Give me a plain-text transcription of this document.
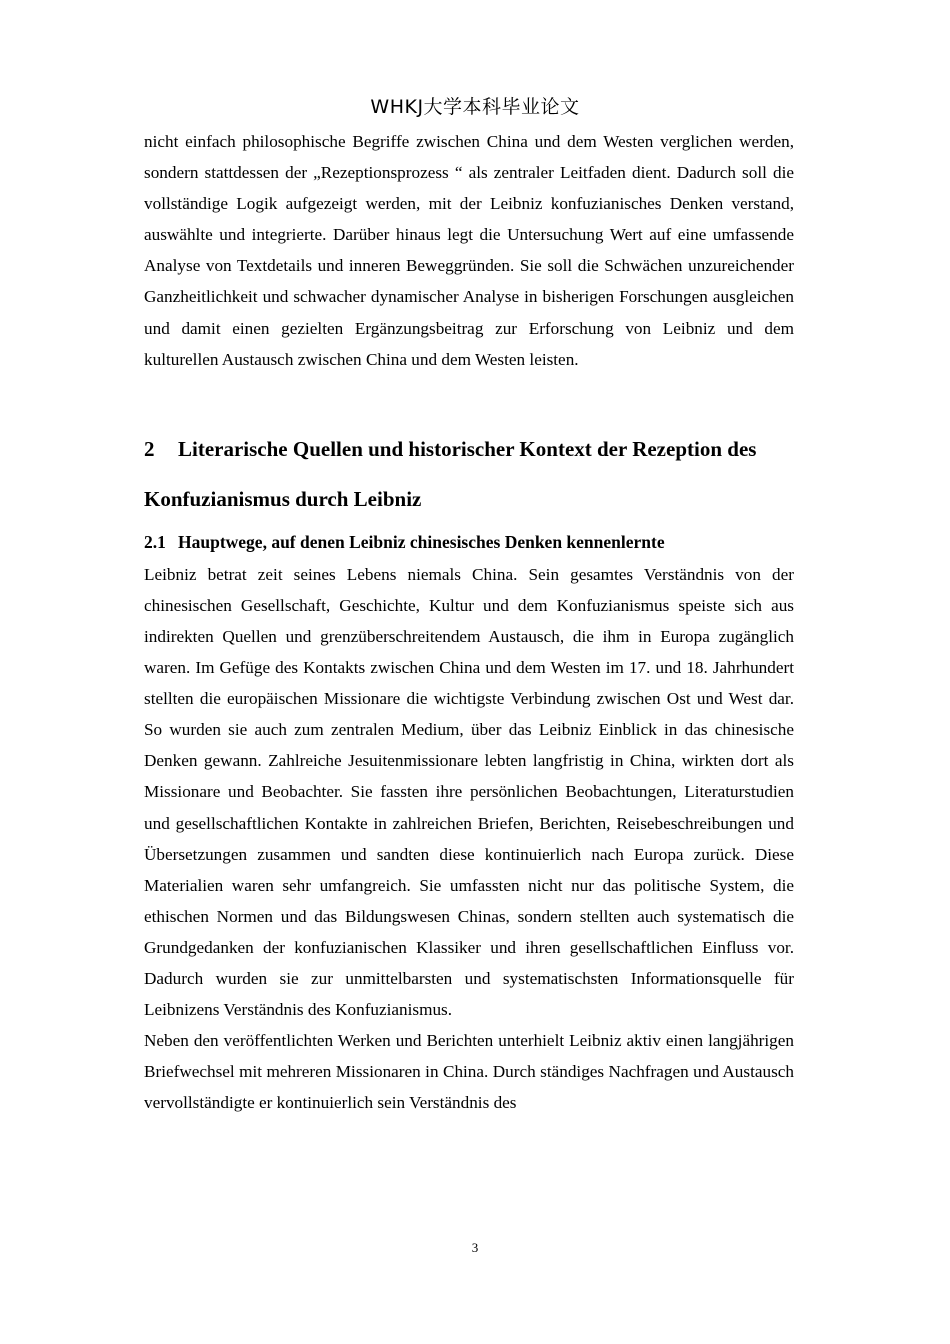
WHKJ大学本科毕业论文

nicht einfach philosophische Begriffe zwischen China und dem Westen verglichen werden, sondern stattdessen der „Rezeptionsprozess “ als zentraler Leitfaden dient. Dadurch soll die vollständige Logik aufgezeigt werden, mit der Leibniz konfuzianisches Denken verstand, auswählte und integrierte. Darüber hinaus legt die Untersuchung Wert auf eine umfassende Analyse von Textdetails und inneren Beweggründen. Sie soll die Schwächen unzureichender Ganzheitlichkeit und schwacher dynamischer Analyse in bisherigen Forschungen ausgleichen und damit einen gezielten Ergänzungsbeitrag zur Erforschung von Leibniz und dem kulturellen Austausch zwischen China und dem Westen leisten.

2 Literarische Quellen und historischer Kontext der Rezeption des Konfuzianismus durch Leibniz
2.1 Hauptwege, auf denen Leibniz chinesisches Denken kennenlernte

Leibniz betrat zeit seines Lebens niemals China. Sein gesamtes Verständnis von der chinesischen Gesellschaft, Geschichte, Kultur und dem Konfuzianismus speiste sich aus indirekten Quellen und grenzüberschreitendem Austausch, die ihm in Europa zugänglich waren. Im Gefüge des Kontakts zwischen China und dem Westen im 17. und 18. Jahrhundert stellten die europäischen Missionare die wichtigste Verbindung zwischen Ost und West dar. So wurden sie auch zum zentralen Medium, über das Leibniz Einblick in das chinesische Denken gewann. Zahlreiche Jesuitenmissionare lebten langfristig in China, wirkten dort als Missionare und Beobachter. Sie fassten ihre persönlichen Beobachtungen, Literaturstudien und gesellschaftlichen Kontakte in zahlreichen Briefen, Berichten, Reisebeschreibungen und Übersetzungen zusammen und sandten diese kontinuierlich nach Europa zurück. Diese Materialien waren sehr umfangreich. Sie umfassten nicht nur das politische System, die ethischen Normen und das Bildungswesen Chinas, sondern stellten auch systematisch die Grundgedanken der konfuzianischen Klassiker und ihren gesellschaftlichen Einfluss vor. Dadurch wurden sie zur unmittelbarsten und systematischsten Informationsquelle für Leibnizens Verständnis des Konfuzianismus.

Neben den veröffentlichten Werken und Berichten unterhielt Leibniz aktiv einen langjährigen Briefwechsel mit mehreren Missionaren in China. Durch ständiges Nachfragen und Austausch vervollständigte er kontinuierlich sein Verständnis des

3
